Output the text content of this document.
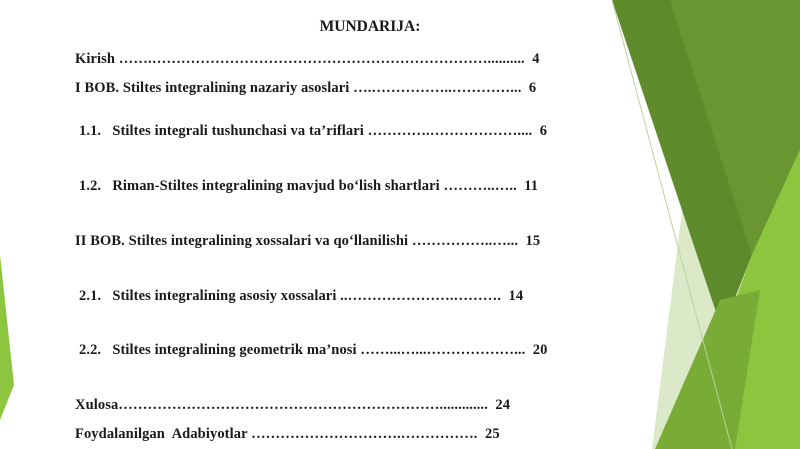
MUNDARIJA:
Kirish …….……………………………………………………………..........  4
I BOB. Stiltes integralining nazariy asoslari ….……………..…………...  6
1.1.   Stiltes integrali tushunchasi va ta’riflari ………….………………....  6
1.2.   Riman-Stiltes integralining mavjud bo‘lish shartlari ………..…..  11
II BOB. Stiltes integralining xossalari va qo‘llanilishi ……………..…...  15
2.1.   Stiltes integralining asosiy xossalari ..………………….……….  14
2.2.   Stiltes integralining geometrik ma’nosi ……...…...………………...  20
Xulosa………………………………………………………….............  24
Foydalanilgan  Adabiyotlar ………………………….…………….  25
